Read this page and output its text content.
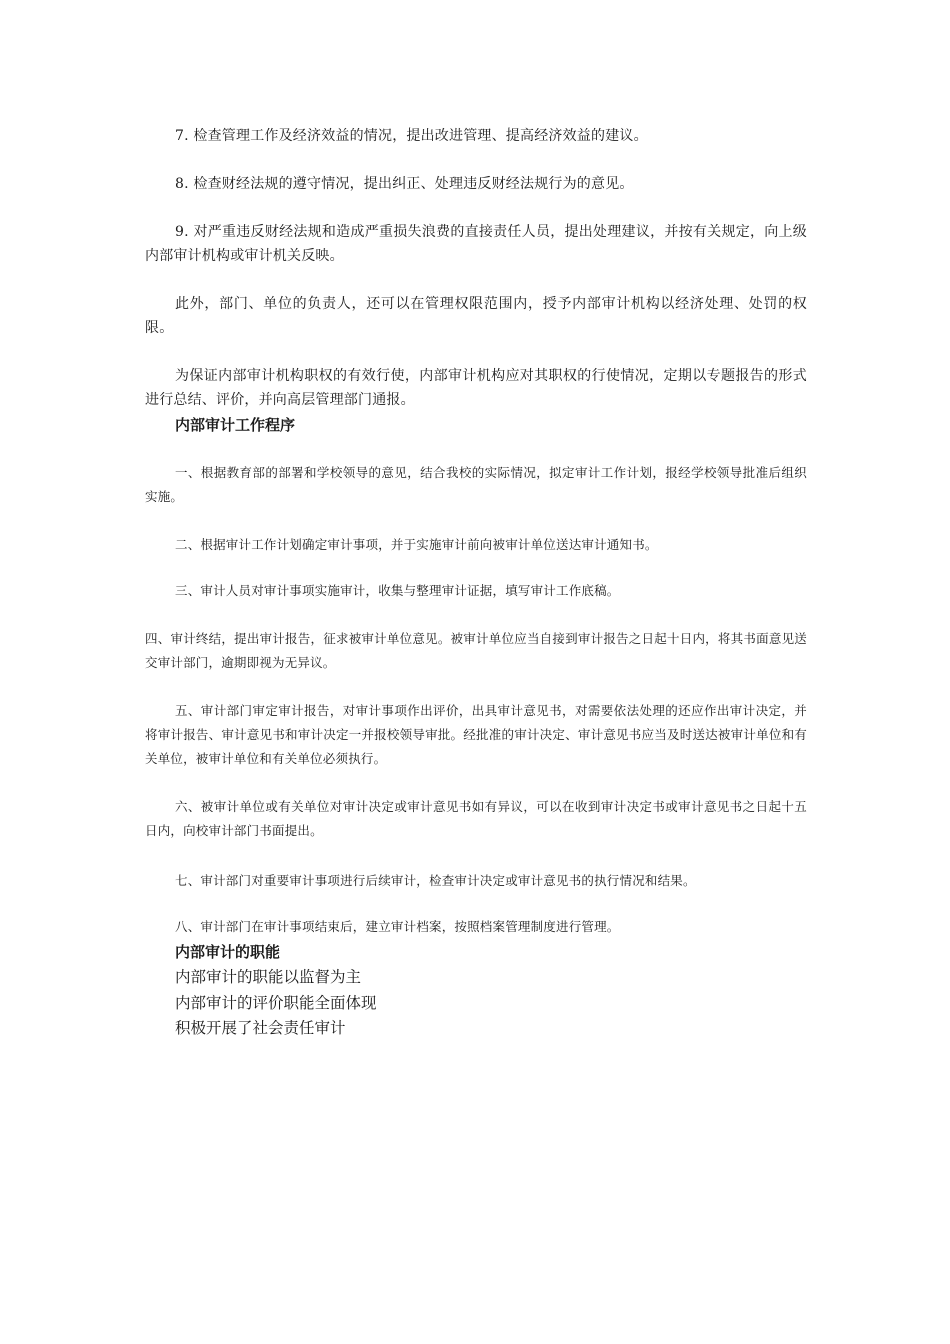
7. 检查管理工作及经济效益的情况，提出改进管理、提高经济效益的建议。
8. 检查财经法规的遵守情况，提出纠正、处理违反财经法规行为的意见。
9. 对严重违反财经法规和造成严重损失浪费的直接责任人员，提出处理建议，并按有关规定，向上级内部审计机构或审计机关反映。
此外，部门、单位的负责人，还可以在管理权限范围内，授予内部审计机构以经济处理、处罚的权限。
为保证内部审计机构职权的有效行使，内部审计机构应对其职权的行使情况，定期以专题报告的形式进行总结、评价，并向高层管理部门通报。
内部审计工作程序
一、根据教育部的部署和学校领导的意见，结合我校的实际情况，拟定审计工作计划，报经学校领导批准后组织实施。
二、根据审计工作计划确定审计事项，并于实施审计前向被审计单位送达审计通知书。
三、审计人员对审计事项实施审计，收集与整理审计证据，填写审计工作底稿。
四、审计终结，提出审计报告，征求被审计单位意见。被审计单位应当自接到审计报告之日起十日内，将其书面意见送交审计部门，逾期即视为无异议。
五、审计部门审定审计报告，对审计事项作出评价，出具审计意见书，对需要依法处理的还应作出审计决定，并将审计报告、审计意见书和审计决定一并报校领导审批。经批准的审计决定、审计意见书应当及时送达被审计单位和有关单位，被审计单位和有关单位必须执行。
六、被审计单位或有关单位对审计决定或审计意见书如有异议，可以在收到审计决定书或审计意见书之日起十五日内，向校审计部门书面提出。
七、审计部门对重要审计事项进行后续审计，检查审计决定或审计意见书的执行情况和结果。
八、审计部门在审计事项结束后，建立审计档案，按照档案管理制度进行管理。
内部审计的职能
内部审计的职能以监督为主
内部审计的评价职能全面体现
积极开展了社会责任审计
